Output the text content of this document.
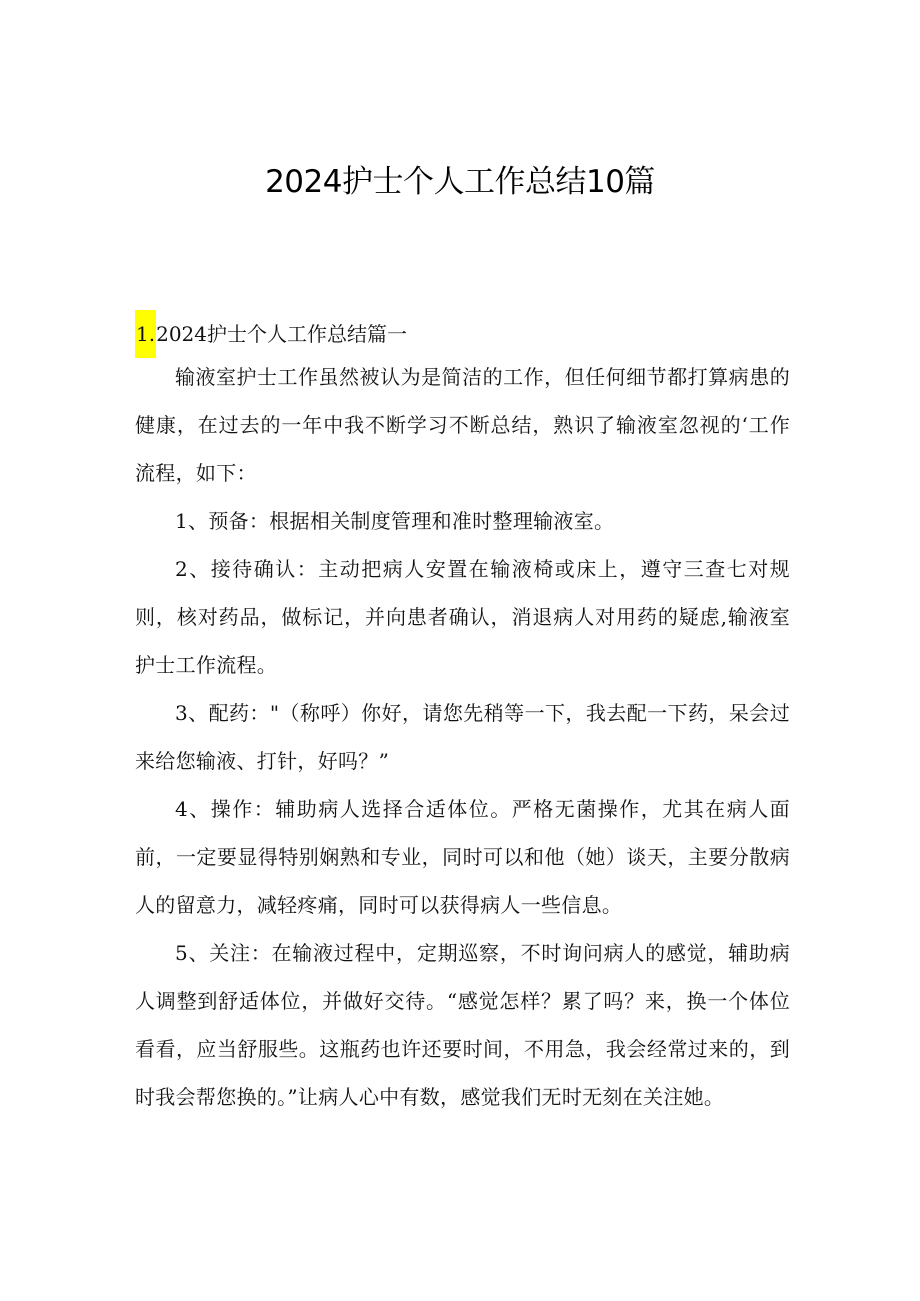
2024护士个人工作总结10篇
1.2024护士个人工作总结篇一

输液室护士工作虽然被认为是简洁的工作，但任何细节都打算病患的健康，在过去的一年中我不断学习不断总结，熟识了输液室忽视的‘工作流程，如下：

1、预备：根据相关制度管理和准时整理输液室。

2、接待确认：主动把病人安置在输液椅或床上，遵守三查七对规则，核对药品，做标记，并向患者确认，消退病人对用药的疑虑,输液室护士工作流程。

3、配药："（称呼）你好，请您先稍等一下，我去配一下药，呆会过来给您输液、打针，好吗？”

4、操作：辅助病人选择合适体位。严格无菌操作，尤其在病人面前，一定要显得特别娴熟和专业，同时可以和他（她）谈天，主要分散病人的留意力，减轻疼痛，同时可以获得病人一些信息。

5、关注：在输液过程中，定期巡察，不时询问病人的感觉，辅助病人调整到舒适体位，并做好交待。“感觉怎样？累了吗？来，换一个体位看看，应当舒服些。这瓶药也许还要时间，不用急，我会经常过来的，到时我会帮您换的。”让病人心中有数，感觉我们无时无刻在关注她。
